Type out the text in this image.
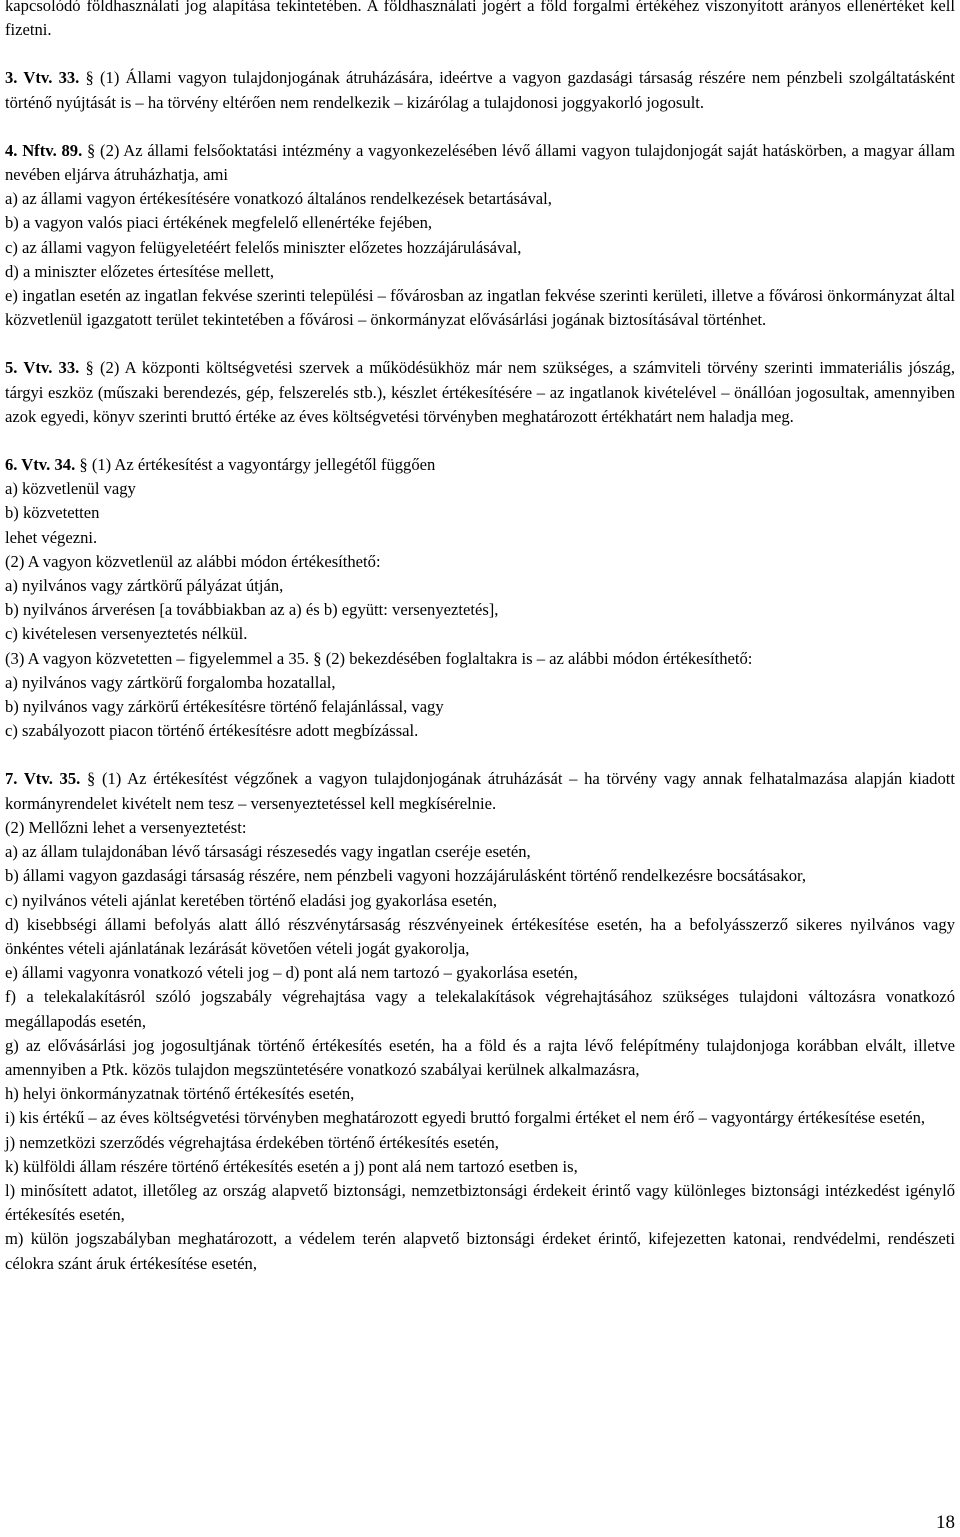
kapcsolódó földhasználati jog alapítása tekintetében. A földhasználati jogért a föld forgalmi értékéhez viszonyított arányos ellenértéket kell fizetni.

3. Vtv. 33. § (1) Állami vagyon tulajdonjogának átruházására, ideértve a vagyon gazdasági társaság részére nem pénzbeli szolgáltatásként történő nyújtását is – ha törvény eltérően nem rendelkezik – kizárólag a tulajdonosi joggyakorló jogosult.

4. Nftv. 89. § (2) Az állami felsőoktatási intézmény a vagyonkezelésében lévő állami vagyon tulajdonjogát saját hatáskörben, a magyar állam nevében eljárva átruházhatja, ami

a) az állami vagyon értékesítésére vonatkozó általános rendelkezések betartásával,
b) a vagyon valós piaci értékének megfelelő ellenértéke fejében,
c) az állami vagyon felügyeletéért felelős miniszter előzetes hozzájárulásával,
d) a miniszter előzetes értesítése mellett,

e) ingatlan esetén az ingatlan fekvése szerinti települési – fővárosban az ingatlan fekvése szerinti kerületi, illetve a fővárosi önkormányzat által közvetlenül igazgatott terület tekintetében a fővárosi – önkormányzat elővásárlási jogának biztosításával történhet.

5. Vtv. 33. § (2) A központi költségvetési szervek a működésükhöz már nem szükséges, a számviteli törvény szerinti immateriális jószág, tárgyi eszköz (műszaki berendezés, gép, felszerelés stb.), készlet értékesítésére – az ingatlanok kivételével – önállóan jogosultak, amennyiben azok egyedi, könyv szerinti bruttó értéke az éves költségvetési törvényben meghatározott értékhatárt nem haladja meg.

6. Vtv. 34. § (1) Az értékesítést a vagyontárgy jellegétől függően

a) közvetlenül vagy
b) közvetetten
lehet végezni.
(2) A vagyon közvetlenül az alábbi módon értékesíthető:
a) nyilvános vagy zártkörű pályázat útján,
b) nyilvános árverésen [a továbbiakban az a) és b) együtt: versenyeztetés],
c) kivételesen versenyeztetés nélkül.

(3) A vagyon közvetetten – figyelemmel a 35. § (2) bekezdésében foglaltakra is – az alábbi módon értékesíthető:

a) nyilvános vagy zártkörű forgalomba hozatallal,
b) nyilvános vagy zárkörű értékesítésre történő felajánlással, vagy
c) szabályozott piacon történő értékesítésre adott megbízással.

7. Vtv. 35. § (1) Az értékesítést végzőnek a vagyon tulajdonjogának átruházását – ha törvény vagy annak felhatalmazása alapján kiadott kormányrendelet kivételt nem tesz – versenyeztetéssel kell megkísérelnie.

(2) Mellőzni lehet a versenyeztetést:

a) az állam tulajdonában lévő társasági részesedés vagy ingatlan cseréje esetén,

b) állami vagyon gazdasági társaság részére, nem pénzbeli vagyoni hozzájárulásként történő rendelkezésre bocsátásakor,

c) nyilvános vételi ajánlat keretében történő eladási jog gyakorlása esetén,

d) kisebbségi állami befolyás alatt álló részvénytársaság részvényeinek értékesítése esetén, ha a befolyásszerző sikeres nyilvános vagy önkéntes vételi ajánlatának lezárását követően vételi jogát gyakorolja,

e) állami vagyonra vonatkozó vételi jog – d) pont alá nem tartozó – gyakorlása esetén,

f) a telekalakításról szóló jogszabály végrehajtása vagy a telekalakítások végrehajtásához szükséges tulajdoni változásra vonatkozó megállapodás esetén,

g) az elővásárlási jog jogosultjának történő értékesítés esetén, ha a föld és a rajta lévő felépítmény tulajdonjoga korábban elvált, illetve amennyiben a Ptk. közös tulajdon megszüntetésére vonatkozó szabályai kerülnek alkalmazásra,

h) helyi önkormányzatnak történő értékesítés esetén,

i) kis értékű – az éves költségvetési törvényben meghatározott egyedi bruttó forgalmi értéket el nem érő – vagyontárgy értékesítése esetén,

j) nemzetközi szerződés végrehajtása érdekében történő értékesítés esetén,

k) külföldi állam részére történő értékesítés esetén a j) pont alá nem tartozó esetben is,

l) minősített adatot, illetőleg az ország alapvető biztonsági, nemzetbiztonsági érdekeit érintő vagy különleges biztonsági intézkedést igénylő értékesítés esetén,

m) külön jogszabályban meghatározott, a védelem terén alapvető biztonsági érdeket érintő, kifejezetten katonai, rendvédelmi, rendészeti célokra szánt áruk értékesítése esetén,

18
